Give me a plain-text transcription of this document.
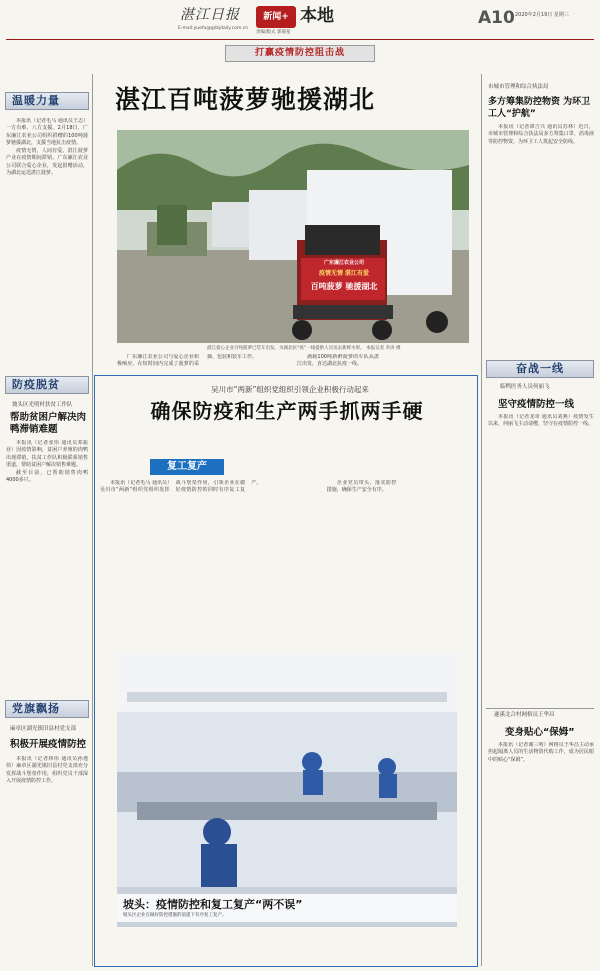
湛江日报
E-mail:yuefu@gdzjdaily.com.cn
新闻+ 本地
责编/版式 郭菊星
A10 2020年2月19日 星期三
打赢疫情防控阻击战
湛江百吨菠萝驰援湖北
广东廉江农业公司
疫情无情 湛江有爱
百吨菠萝 驰援湖北
湛江爱心企业百吨菠萝已装车出发，为湖北抗“疫”一线提供人员送去新鲜水果。 本报记者 李涛 摄

广东廉江农业公司与爱心企业积极响应，在短时间内完成了菠萝的采摘、包装和装车工作。	满载100吨新鲜菠萝的车队从湛江出发，直达湖北抗疫一线。

温暖力量

本报讯（记者毛马 通讯员王志）一方有难，八方支援。2月18日，广东廉江农业公司组织捐赠的100吨菠萝驰援湖北，支援当地抗击疫情。

疫情无情，人间有爱。湛江菠萝产业在疫情期间滞销，广东廉江农业公司联合爱心企业，发起捐赠活动，为湖北运送湛江菠萝。

防疫脱贫
坡头区光明村扶贫工作队
帮助贫困户解决肉鸭滞销难题

本报讯（记者张伟 通讯员邓振业）因疫情影响，贫困户养殖的肉鸭出现滞销，扶贫工作队积极联系销售渠道，帮助贫困户解决销售难题。

截至目前，已帮助销售肉鸭4000多只。

党旗飘扬
麻章区湖光镇旧县村党支部
积极开展疫情防控

本报讯（记者林伟 通讯员孙逸伟）麻章区湖光镇旧县村党支部充分发挥战斗堡垒作用，组织党员干部深入开展疫情防控工作。

市城市管理和综合执法局
多方筹集防控物资 为环卫工人“护航”

本报讯（记者谭吉兴 通讯员苏林）近日，市城市管理和综合执法局多方筹集口罩、消毒液等防控物资，为环卫工人筑起安全防线。

奋战一线
临鸭医务人员何丽飞
坚守疫情防控一线

本报讯（记者龙章 通讯员刘燕）疫情发生以来，何丽飞主动请缨，坚守在疫情防控一线。

遂溪北合村网格员王华昌
变身贴心“保姆”

本报讯（记者谢三明）网格员王华昌主动承担起隔离人员的生活物资代购工作，成为居民眼中的贴心“保姆”。

吴川市“两新”组织党组织引领企业积极行动起来
确保防疫和生产两手抓两手硬
复工复产

本报讯（记者毛马 通讯员）吴川市“两新”组织党组织发挥战斗堡垒作用，引领企业在做好疫情防控的同时有序复工复产。	企业党员带头，落实防控措施，确保生产安全有序。

坡头：疫情防控和复工复产“两不误”
坡头区企业在做好防控措施的前提下有序复工复产。
